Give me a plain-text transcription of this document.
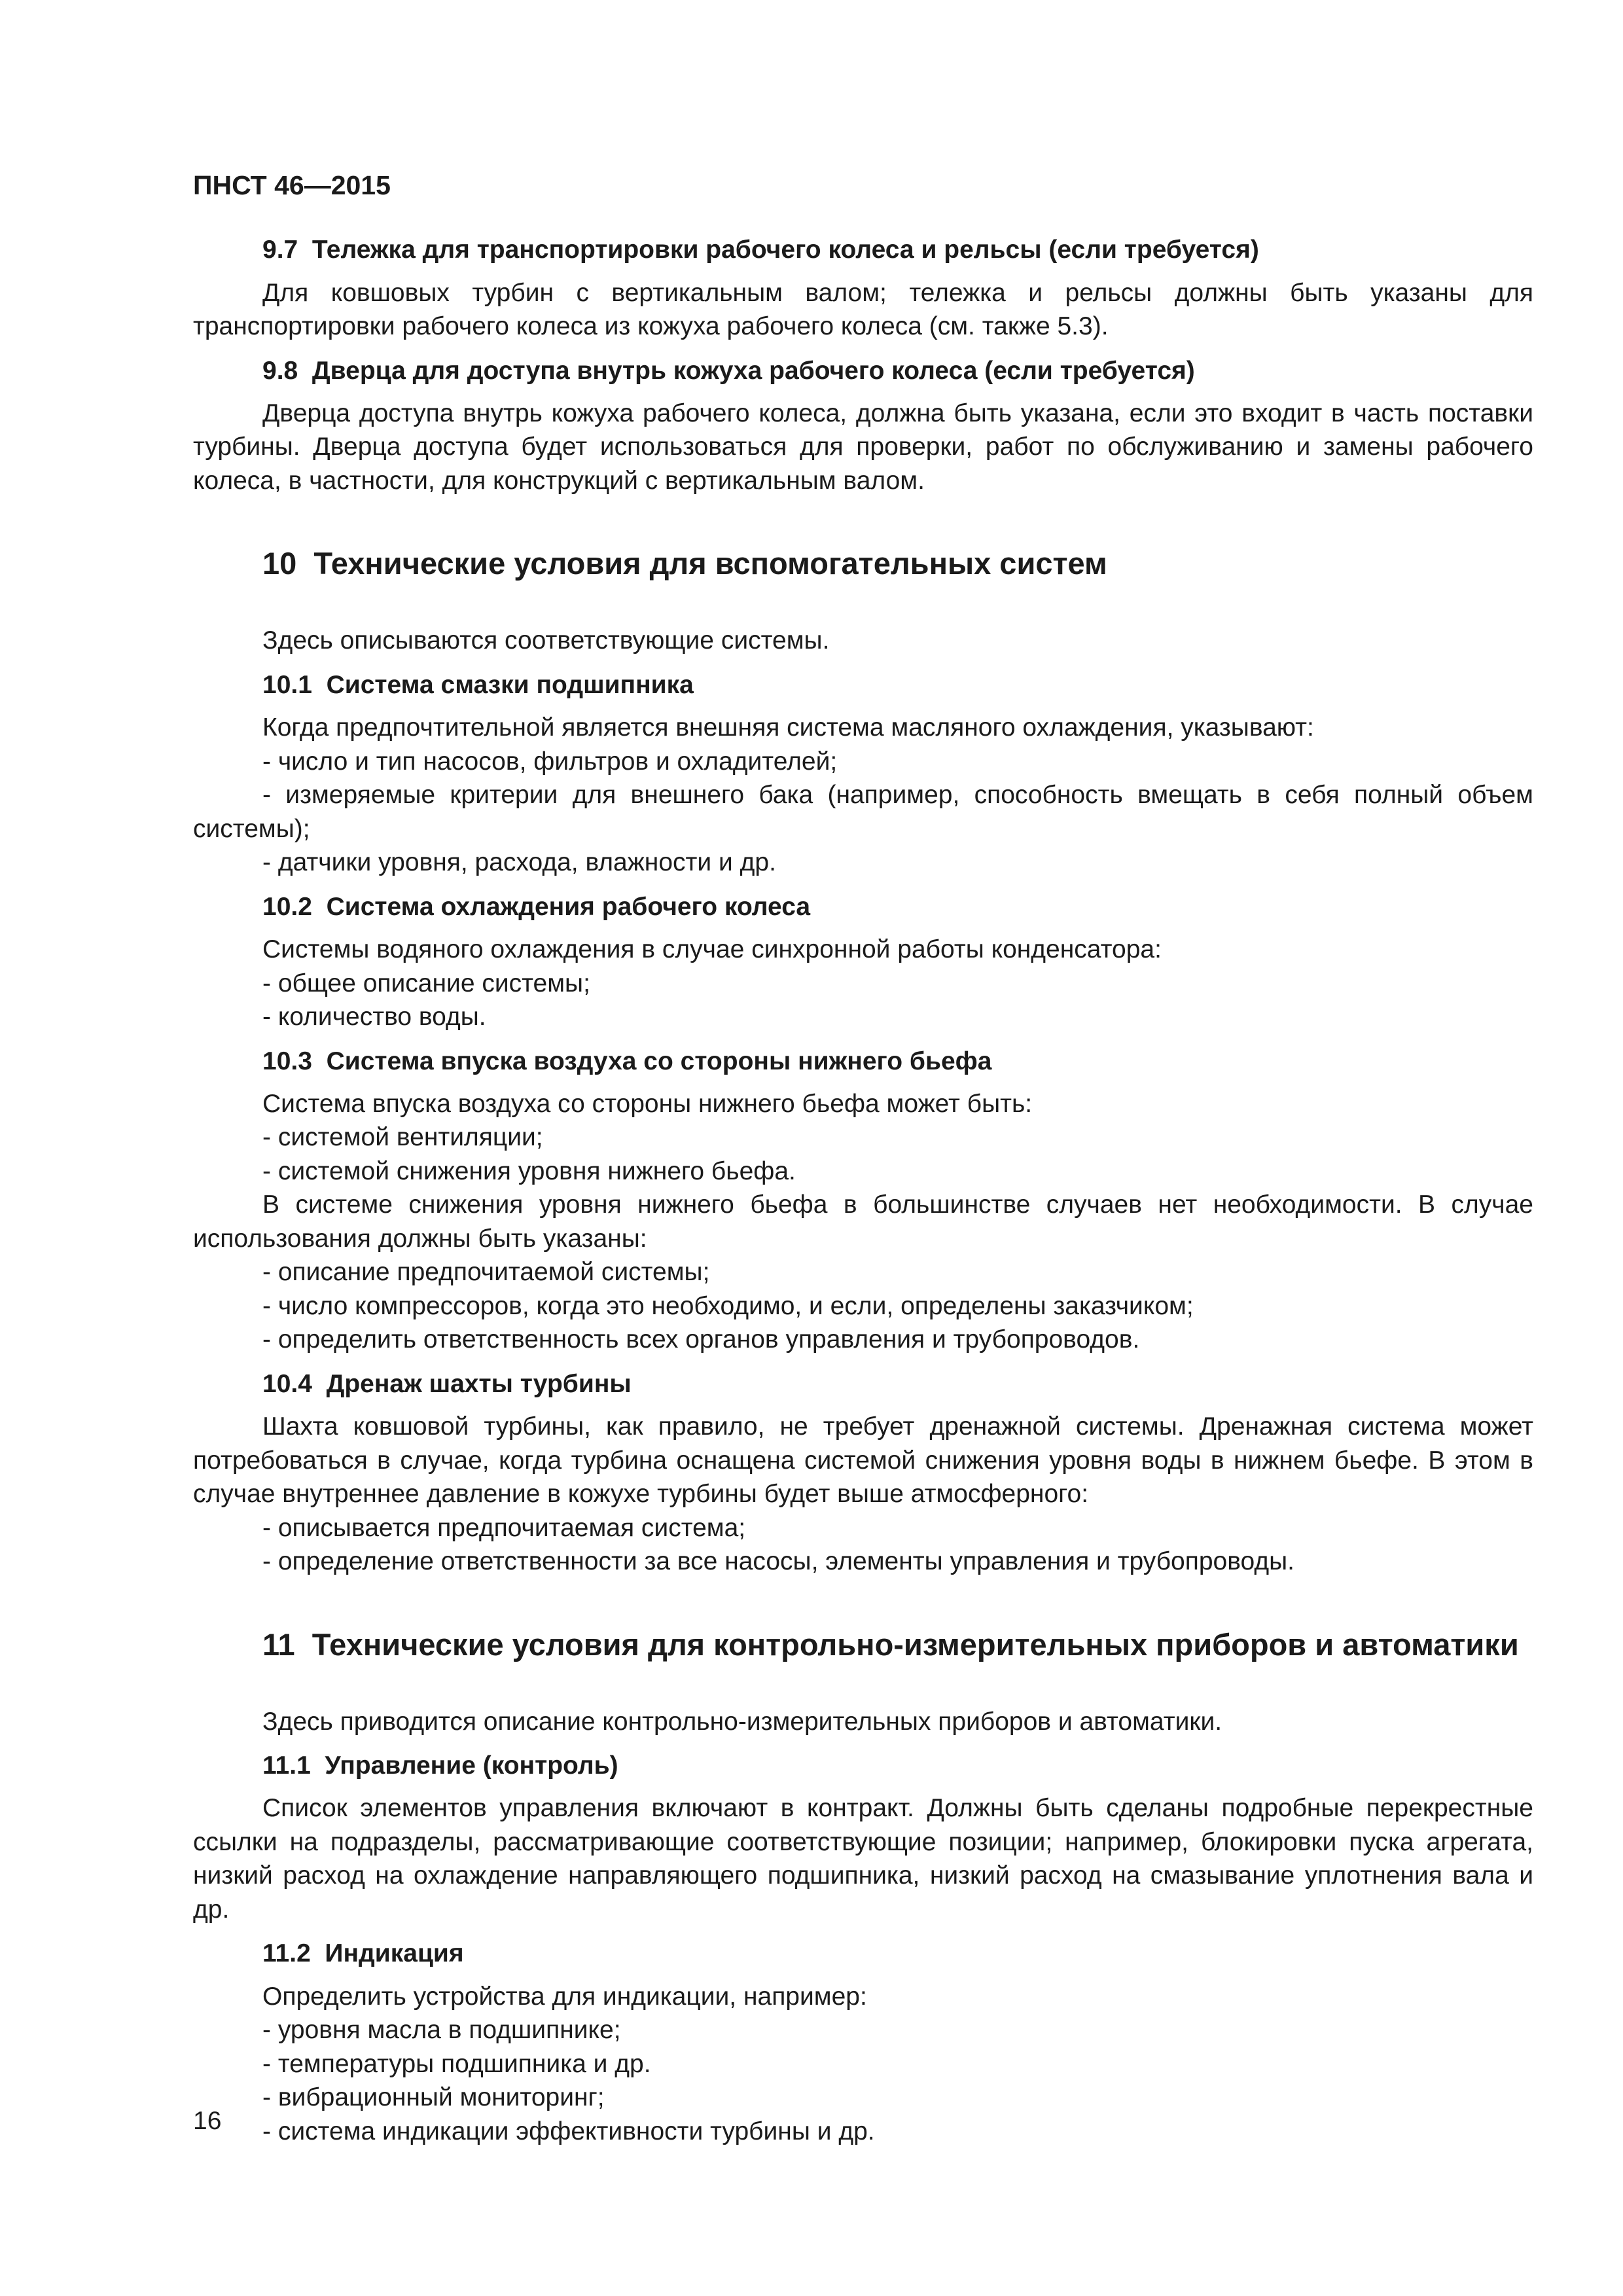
ПНСТ 46—2015
9.7  Тележка для транспортировки рабочего колеса и рельсы (если требуется)

Для ковшовых турбин с вертикальным валом; тележка и рельсы должны быть указаны для транспортировки рабочего колеса из кожуха рабочего колеса (см. также 5.3).

9.8  Дверца для доступа внутрь кожуха рабочего колеса (если требуется)

Дверца доступа внутрь кожуха рабочего колеса, должна быть указана, если это входит в часть поставки турбины. Дверца доступа будет использоваться для проверки, работ по обслуживанию и замены рабочего колеса, в частности, для конструкций с вертикальным валом.

10  Технические условия для вспомогательных систем

Здесь описываются соответствующие системы.

10.1  Система смазки подшипника

Когда предпочтительной является внешняя система масляного охлаждения, указывают:

- число и тип насосов, фильтров и охладителей;

- измеряемые критерии для внешнего бака (например, способность вмещать в себя полный объем системы);

- датчики уровня, расхода, влажности и др.

10.2  Система охлаждения рабочего колеса

Системы водяного охлаждения в случае синхронной работы конденсатора:

- общее описание системы;

- количество воды.

10.3  Система впуска воздуха со стороны нижнего бьефа

Система впуска воздуха со стороны нижнего бьефа может быть:

- системой вентиляции;

- системой снижения уровня нижнего бьефа.

В системе снижения уровня нижнего бьефа в большинстве случаев нет необходимости. В случае использования должны быть указаны:

- описание предпочитаемой системы;

- число компрессоров, когда это необходимо, и если, определены заказчиком;

- определить ответственность всех органов управления и трубопроводов.

10.4  Дренаж шахты турбины

Шахта ковшовой турбины, как правило, не требует дренажной системы. Дренажная система может потребоваться в случае, когда турбина оснащена системой снижения уровня воды в нижнем бьефе. В этом в случае внутреннее давление в кожухе турбины будет выше атмосферного:

- описывается предпочитаемая система;

- определение ответственности за все насосы, элементы управления и трубопроводы.

11  Технические условия для контрольно-измерительных приборов и автоматики

Здесь приводится описание контрольно-измерительных приборов и автоматики.

11.1  Управление (контроль)

Список элементов управления включают в контракт. Должны быть сделаны подробные перекрестные ссылки на подразделы, рассматривающие соответствующие позиции; например, блокировки пуска агрегата, низкий расход на охлаждение направляющего подшипника, низкий расход на смазывание уплотнения вала и др.

11.2  Индикация

Определить устройства для индикации, например:

- уровня масла в подшипнике;

- температуры подшипника и др.

- вибрационный мониторинг;

- система индикации эффективности турбины и др.

16
